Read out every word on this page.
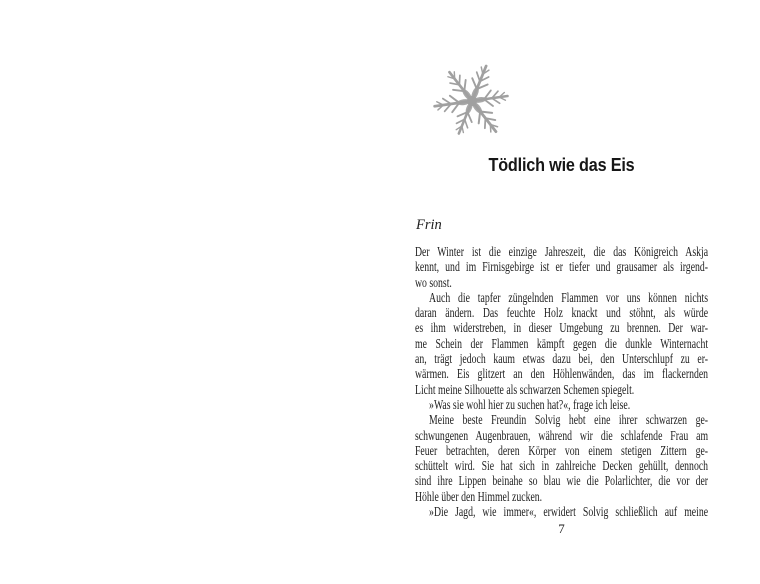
Tödlich wie das Eis
Frin
Der Winter ist die einzige Jahreszeit, die das Königreich Askja
kennt, und im Firnisgebirge ist er tiefer und grausamer als irgend-
wo sonst.
Auch die tapfer züngelnden Flammen vor uns können nichts
daran ändern. Das feuchte Holz knackt und stöhnt, als würde
es ihm widerstreben, in dieser Umgebung zu brennen. Der war-
me Schein der Flammen kämpft gegen die dunkle Winternacht
an, trägt jedoch kaum etwas dazu bei, den Unterschlupf zu er-
wärmen. Eis glitzert an den Höhlenwänden, das im flackernden
Licht meine Silhouette als schwarzen Schemen spiegelt.
»Was sie wohl hier zu suchen hat?«, frage ich leise.
Meine beste Freundin Solvig hebt eine ihrer schwarzen ge-
schwungenen Augenbrauen, während wir die schlafende Frau am
Feuer betrachten, deren Körper von einem stetigen Zittern ge-
schüttelt wird. Sie hat sich in zahlreiche Decken gehüllt, dennoch
sind ihre Lippen beinahe so blau wie die Polarlichter, die vor der
Höhle über den Himmel zucken.
»Die Jagd, wie immer«, erwidert Solvig schließlich auf meine
7
